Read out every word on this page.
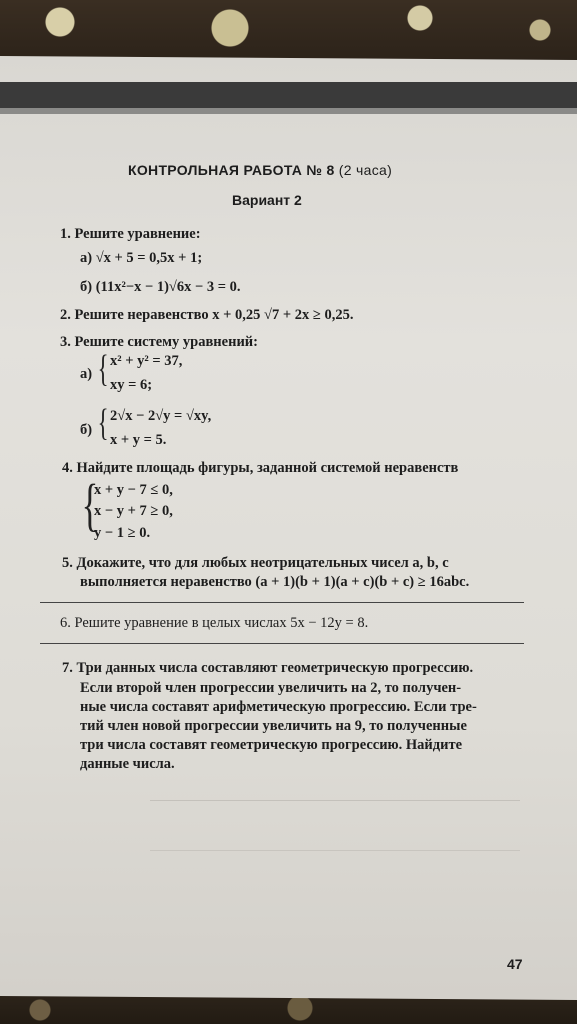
КОНТРОЛЬНАЯ РАБОТА № 8 (2 часа)
Вариант 2
1. Решите уравнение:
а) √x + 5 = 0,5x + 1;
б) (11x²−x − 1)√6x − 3 = 0.
2. Решите неравенство x + 0,25 √7 + 2x ≥ 0,25.
3. Решите систему уравнений:
а) { x² + y² = 37,
xy = 6;
б) { 2√x − 2√y = √xy,
x + y = 5.
4. Найдите площадь фигуры, заданной системой неравенств
{
x + y − 7 ≤ 0,
x − y + 7 ≥ 0,
y − 1 ≥ 0.
5. Докажите, что для любых неотрицательных чисел a, b, c
выполняется неравенство (a + 1)(b + 1)(a + c)(b + c) ≥ 16abc.
6. Решите уравнение в целых числах 5x − 12y = 8.
7. Три данных числа составляют геометрическую прогрессию.
Если второй член прогрессии увеличить на 2, то получен-
ные числа составят арифметическую прогрессию. Если тре-
тий член новой прогрессии увеличить на 9, то полученные
три числа составят геометрическую прогрессию. Найдите
данные числа.
47
